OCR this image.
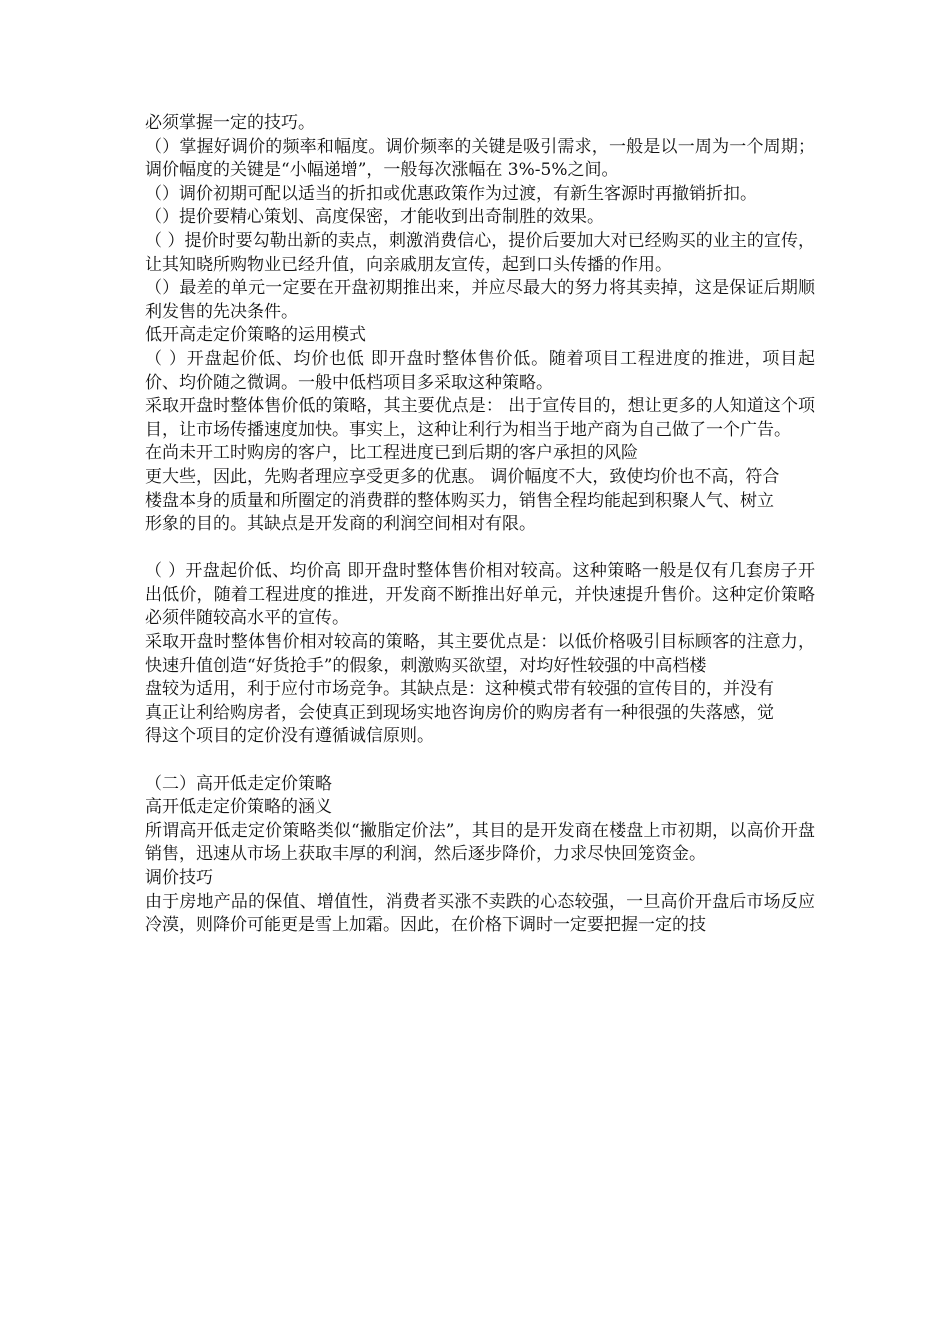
必须掌握一定的技巧。

（）掌握好调价的频率和幅度。调价频率的关键是吸引需求，一般是以一周为一个周期；调价幅度的关键是“小幅递增”，一般每次涨幅在 3%-5%之间。

（）调价初期可配以适当的折扣或优惠政策作为过渡，有新生客源时再撤销折扣。

（）提价要精心策划、高度保密，才能收到出奇制胜的效果。

（ ）提价时要勾勒出新的卖点，刺激消费信心，提价后要加大对已经购买的业主的宣传，让其知晓所购物业已经升值，向亲戚朋友宣传，起到口头传播的作用。

（）最差的单元一定要在开盘初期推出来，并应尽最大的努力将其卖掉，这是保证后期顺利发售的先决条件。

低开高走定价策略的运用模式

（ ）开盘起价低、均价也低 即开盘时整体售价低。随着项目工程进度的推进，项目起价、均价随之微调。一般中低档项目多采取这种策略。

采取开盘时整体售价低的策略，其主要优点是： 出于宣传目的，想让更多的人知道这个项目，让市场传播速度加快。事实上，这种让利行为相当于地产商为自己做了一个广告。

在尚未开工时购房的客户，比工程进度已到后期的客户承担的风险

更大些，因此，先购者理应享受更多的优惠。 调价幅度不大，致使均价也不高，符合

楼盘本身的质量和所圈定的消费群的整体购买力，销售全程均能起到积聚人气、树立

形象的目的。其缺点是开发商的利润空间相对有限。

（ ）开盘起价低、均价高 即开盘时整体售价相对较高。这种策略一般是仅有几套房子开出低价，随着工程进度的推进，开发商不断推出好单元，并快速提升售价。这种定价策略必须伴随较高水平的宣传。

采取开盘时整体售价相对较高的策略，其主要优点是：以低价格吸引目标顾客的注意力，快速升值创造“好货抢手”的假象，刺激购买欲望，对均好性较强的中高档楼

盘较为适用，利于应付市场竞争。其缺点是：这种模式带有较强的宣传目的，并没有

真正让利给购房者，会使真正到现场实地咨询房价的购房者有一种很强的失落感，觉

得这个项目的定价没有遵循诚信原则。

（二）高开低走定价策略

高开低走定价策略的涵义

所谓高开低走定价策略类似“撇脂定价法”，其目的是开发商在楼盘上市初期，以高价开盘销售，迅速从市场上获取丰厚的利润，然后逐步降价，力求尽快回笼资金。

调价技巧

由于房地产品的保值、增值性，消费者买涨不卖跌的心态较强，一旦高价开盘后市场反应冷漠，则降价可能更是雪上加霜。因此，在价格下调时一定要把握一定的技
